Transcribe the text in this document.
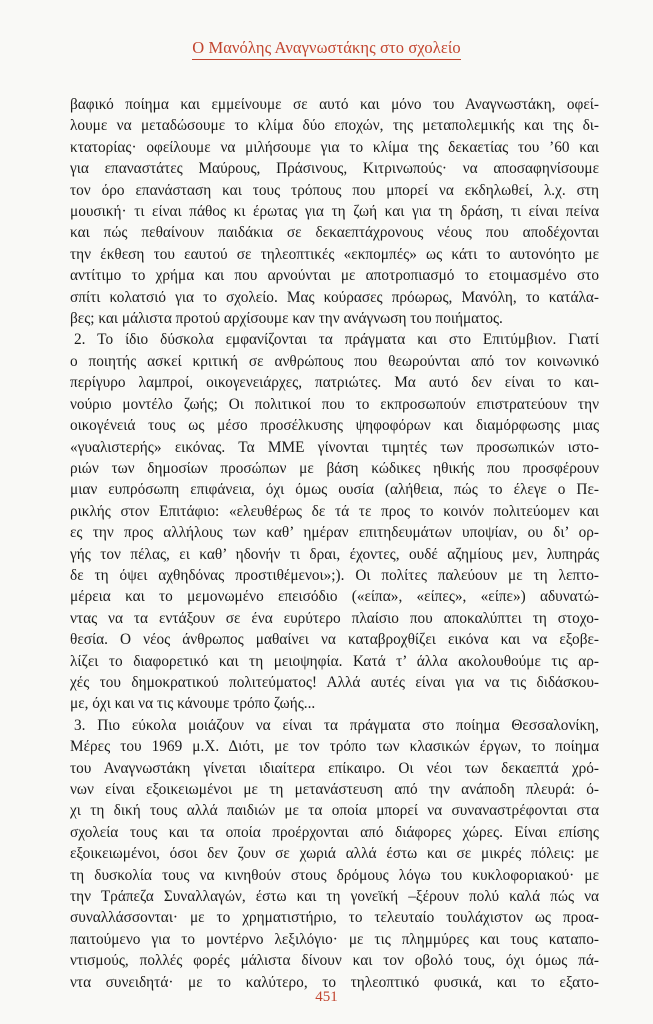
Ο Μανόλης Αναγνωστάκης στο σχολείο
βαφικό ποίημα και εμμείνουμε σε αυτό και μόνο του Αναγνωστάκη, οφεί-
λουμε να μεταδώσουμε το κλίμα δύο εποχών, της μεταπολεμικής και της δι-
κτατορίας· οφείλουμε να μιλήσουμε για το κλίμα της δεκαετίας του ’60 και
για επαναστάτες Μαύρους, Πράσινους, Κιτρινωπούς· να αποσαφηνίσουμε
τον όρο επανάσταση και τους τρόπους που μπορεί να εκδηλωθεί, λ.χ. στη
μουσική· τι είναι πάθος κι έρωτας για τη ζωή και για τη δράση, τι είναι πείνα
και πώς πεθαίνουν παιδάκια σε δεκαεπτάχρονους νέους που αποδέχονται
την έκθεση του εαυτού σε τηλεοπτικές «εκπομπές» ως κάτι το αυτονόητο με
αντίτιμο το χρήμα και που αρνούνται με αποτροπιασμό το ετοιμασμένο στο
σπίτι κολατσιό για το σχολείο. Μας κούρασες πρόωρως, Μανόλη, το κατάλα-
βες; και μάλιστα προτού αρχίσουμε καν την ανάγνωση του ποιήματος.
2. Το ίδιο δύσκολα εμφανίζονται τα πράγματα και στο Επιτύμβιον. Γιατί
ο ποιητής ασκεί κριτική σε ανθρώπους που θεωρούνται από τον κοινωνικό
περίγυρο λαμπροί, οικογενειάρχες, πατριώτες. Μα αυτό δεν είναι το και-
νούριο μοντέλο ζωής; Οι πολιτικοί που το εκπροσωπούν επιστρατεύουν την
οικογένειά τους ως μέσο προσέλκυσης ψηφοφόρων και διαμόρφωσης μιας
«γυαλιστερής» εικόνας. Τα ΜΜΕ γίνονται τιμητές των προσωπικών ιστο-
ριών των δημοσίων προσώπων με βάση κώδικες ηθικής που προσφέρουν
μιαν ευπρόσωπη επιφάνεια, όχι όμως ουσία (αλήθεια, πώς το έλεγε ο Πε-
ρικλής στον Επιτάφιο: «ελευθέρως δε τά τε προς το κοινόν πολιτεύομεν και
ες την προς αλλήλους των καθ’ ημέραν επιτηδευμάτων υποψίαν, ου δι’ ορ-
γής τον πέλας, ει καθ’ ηδονήν τι δραι, έχοντες, ουδέ αζημίους μεν, λυπηράς
δε τη όψει αχθηδόνας προστιθέμενοι»;). Οι πολίτες παλεύουν με τη λεπτο-
μέρεια και το μεμονωμένο επεισόδιο («είπα», «είπες», «είπε») αδυνατώ-
ντας να τα εντάξουν σε ένα ευρύτερο πλαίσιο που αποκαλύπτει τη στοχο-
θεσία. Ο νέος άνθρωπος μαθαίνει να καταβροχθίζει εικόνα και να εξοβε-
λίζει το διαφορετικό και τη μειοψηφία. Κατά τ’ άλλα ακολουθούμε τις αρ-
χές του δημοκρατικού πολιτεύματος! Αλλά αυτές είναι για να τις διδάσκου-
με, όχι και να τις κάνουμε τρόπο ζωής...
3. Πιο εύκολα μοιάζουν να είναι τα πράγματα στο ποίημα Θεσσαλονίκη,
Μέρες του 1969 μ.Χ. Διότι, με τον τρόπο των κλασικών έργων, το ποίημα
του Αναγνωστάκη γίνεται ιδιαίτερα επίκαιρο. Οι νέοι των δεκαεπτά χρό-
νων είναι εξοικειωμένοι με τη μετανάστευση από την ανάποδη πλευρά: ό-
χι τη δική τους αλλά παιδιών με τα οποία μπορεί να συναναστρέφονται στα
σχολεία τους και τα οποία προέρχονται από διάφορες χώρες. Είναι επίσης
εξοικειωμένοι, όσοι δεν ζουν σε χωριά αλλά έστω και σε μικρές πόλεις: με
τη δυσκολία τους να κινηθούν στους δρόμους λόγω του κυκλοφοριακού· με
την Τράπεζα Συναλλαγών, έστω και τη γονεϊκή –ξέρουν πολύ καλά πώς να
συναλλάσσονται· με το χρηματιστήριο, το τελευταίο τουλάχιστον ως προα-
παιτούμενο για το μοντέρνο λεξιλόγιο· με τις πλημμύρες και τους καταπο-
ντισμούς, πολλές φορές μάλιστα δίνουν και τον οβολό τους, όχι όμως πά-
ντα συνειδητά· με το καλύτερο, το τηλεοπτικό φυσικά, και το εξατο-
451
